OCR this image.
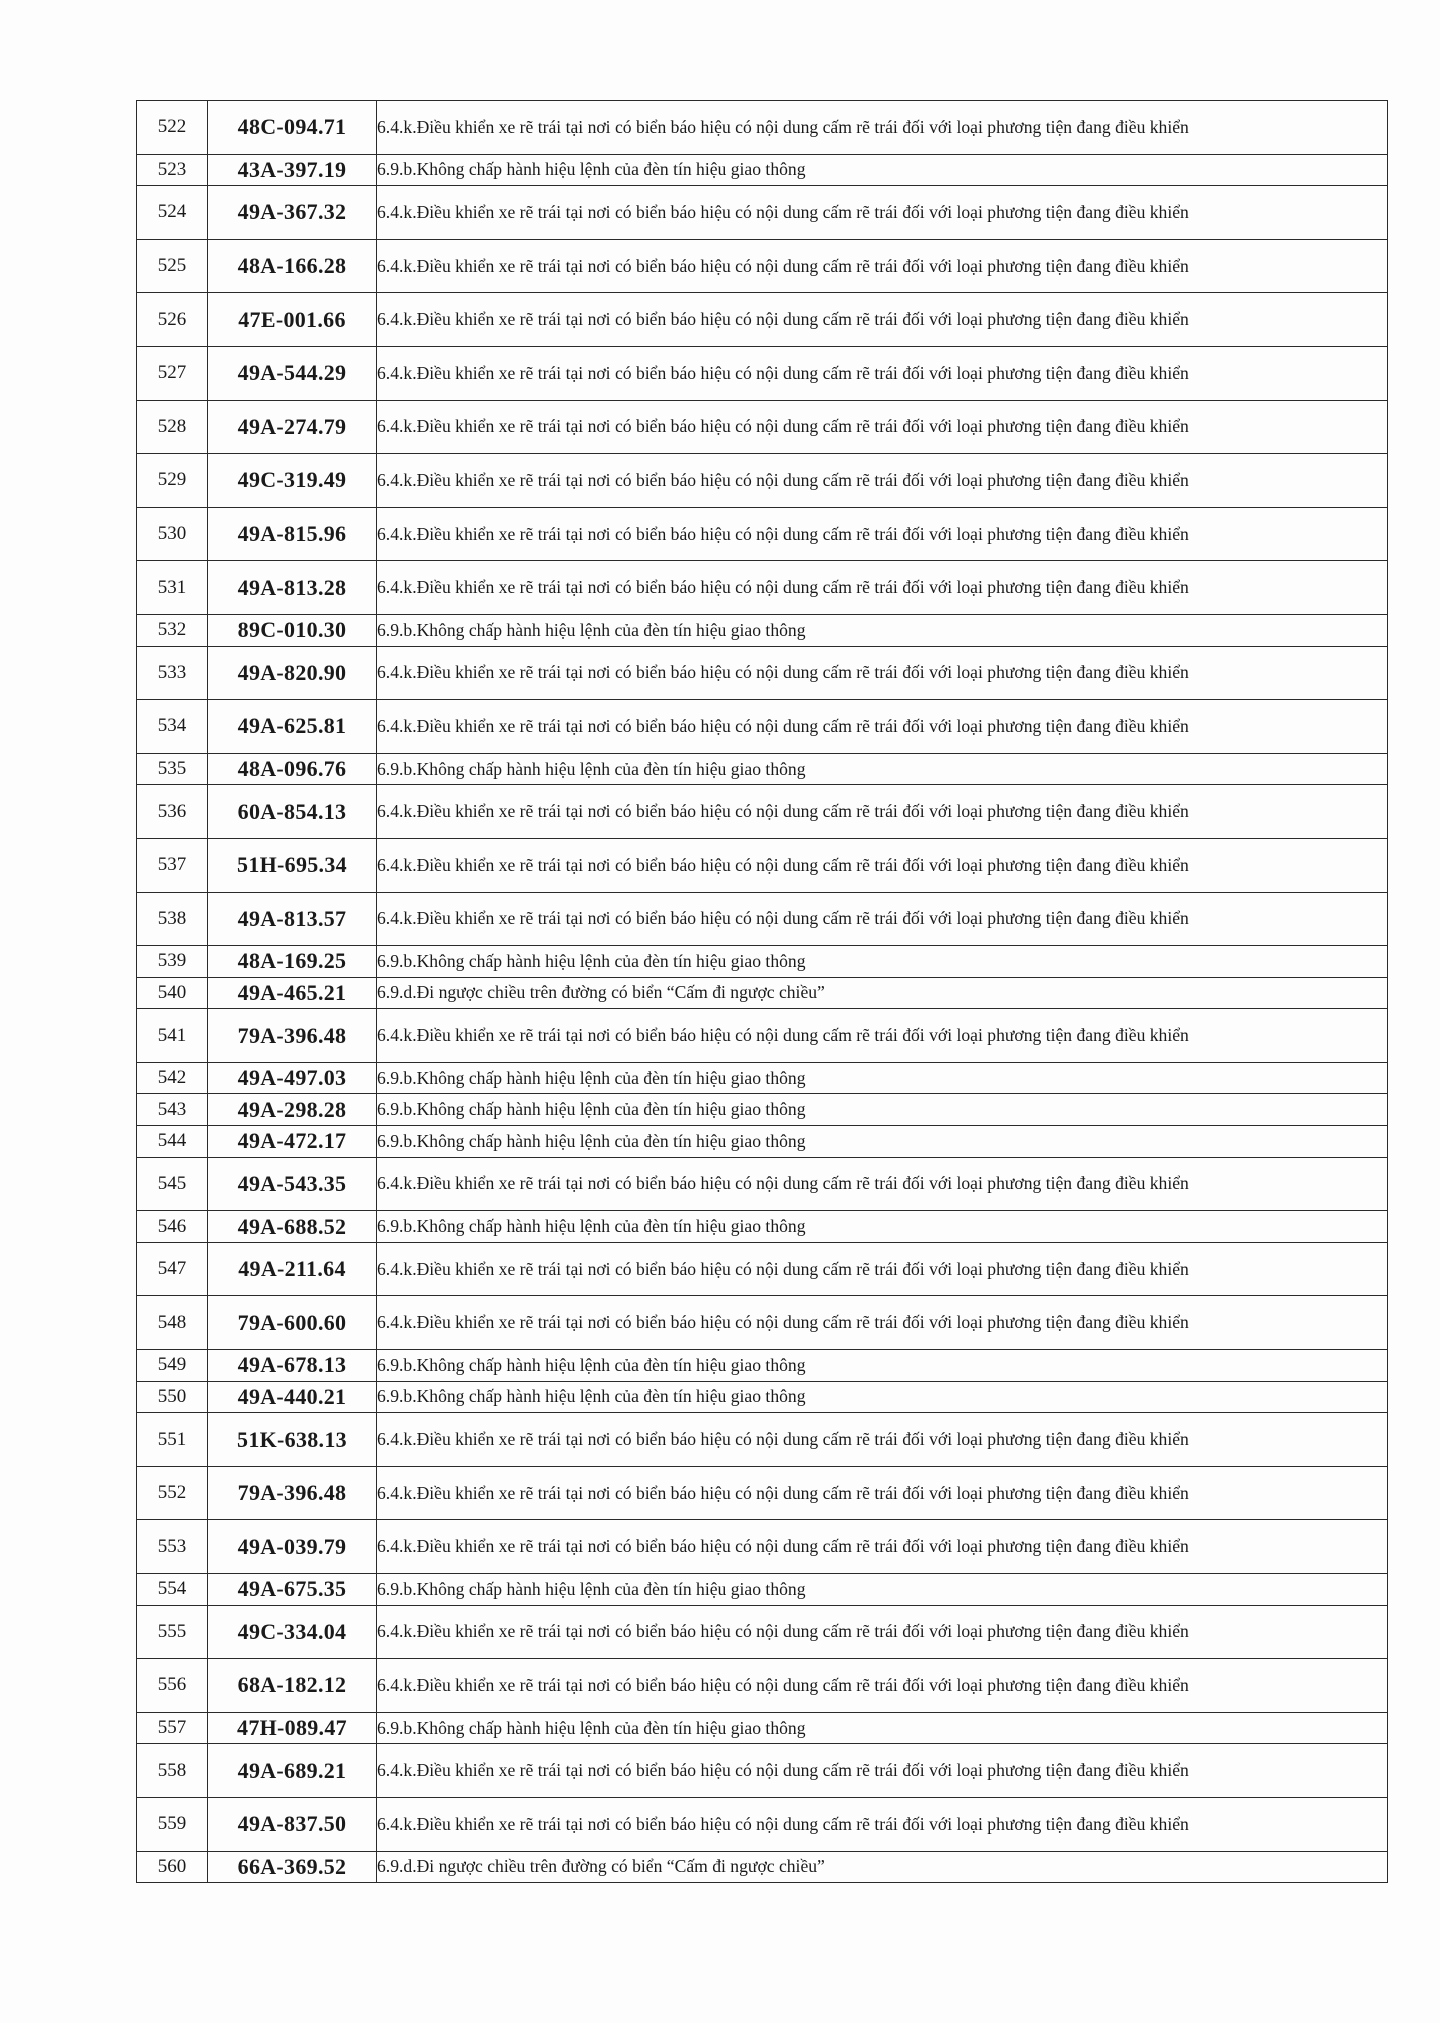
522	48C-094.71	6.4.k.Điều khiển xe rẽ trái tại nơi có biển báo hiệu có nội dung cấm rẽ trái đối với loại phương tiện đang điều khiển
523	43A-397.19	6.9.b.Không chấp hành hiệu lệnh của đèn tín hiệu giao thông
524	49A-367.32	6.4.k.Điều khiển xe rẽ trái tại nơi có biển báo hiệu có nội dung cấm rẽ trái đối với loại phương tiện đang điều khiển
525	48A-166.28	6.4.k.Điều khiển xe rẽ trái tại nơi có biển báo hiệu có nội dung cấm rẽ trái đối với loại phương tiện đang điều khiển
526	47E-001.66	6.4.k.Điều khiển xe rẽ trái tại nơi có biển báo hiệu có nội dung cấm rẽ trái đối với loại phương tiện đang điều khiển
527	49A-544.29	6.4.k.Điều khiển xe rẽ trái tại nơi có biển báo hiệu có nội dung cấm rẽ trái đối với loại phương tiện đang điều khiển
528	49A-274.79	6.4.k.Điều khiển xe rẽ trái tại nơi có biển báo hiệu có nội dung cấm rẽ trái đối với loại phương tiện đang điều khiển
529	49C-319.49	6.4.k.Điều khiển xe rẽ trái tại nơi có biển báo hiệu có nội dung cấm rẽ trái đối với loại phương tiện đang điều khiển
530	49A-815.96	6.4.k.Điều khiển xe rẽ trái tại nơi có biển báo hiệu có nội dung cấm rẽ trái đối với loại phương tiện đang điều khiển
531	49A-813.28	6.4.k.Điều khiển xe rẽ trái tại nơi có biển báo hiệu có nội dung cấm rẽ trái đối với loại phương tiện đang điều khiển
532	89C-010.30	6.9.b.Không chấp hành hiệu lệnh của đèn tín hiệu giao thông
533	49A-820.90	6.4.k.Điều khiển xe rẽ trái tại nơi có biển báo hiệu có nội dung cấm rẽ trái đối với loại phương tiện đang điều khiển
534	49A-625.81	6.4.k.Điều khiển xe rẽ trái tại nơi có biển báo hiệu có nội dung cấm rẽ trái đối với loại phương tiện đang điều khiển
535	48A-096.76	6.9.b.Không chấp hành hiệu lệnh của đèn tín hiệu giao thông
536	60A-854.13	6.4.k.Điều khiển xe rẽ trái tại nơi có biển báo hiệu có nội dung cấm rẽ trái đối với loại phương tiện đang điều khiển
537	51H-695.34	6.4.k.Điều khiển xe rẽ trái tại nơi có biển báo hiệu có nội dung cấm rẽ trái đối với loại phương tiện đang điều khiển
538	49A-813.57	6.4.k.Điều khiển xe rẽ trái tại nơi có biển báo hiệu có nội dung cấm rẽ trái đối với loại phương tiện đang điều khiển
539	48A-169.25	6.9.b.Không chấp hành hiệu lệnh của đèn tín hiệu giao thông
540	49A-465.21	6.9.d.Đi ngược chiều trên đường có biển “Cấm đi ngược chiều”
541	79A-396.48	6.4.k.Điều khiển xe rẽ trái tại nơi có biển báo hiệu có nội dung cấm rẽ trái đối với loại phương tiện đang điều khiển
542	49A-497.03	6.9.b.Không chấp hành hiệu lệnh của đèn tín hiệu giao thông
543	49A-298.28	6.9.b.Không chấp hành hiệu lệnh của đèn tín hiệu giao thông
544	49A-472.17	6.9.b.Không chấp hành hiệu lệnh của đèn tín hiệu giao thông
545	49A-543.35	6.4.k.Điều khiển xe rẽ trái tại nơi có biển báo hiệu có nội dung cấm rẽ trái đối với loại phương tiện đang điều khiển
546	49A-688.52	6.9.b.Không chấp hành hiệu lệnh của đèn tín hiệu giao thông
547	49A-211.64	6.4.k.Điều khiển xe rẽ trái tại nơi có biển báo hiệu có nội dung cấm rẽ trái đối với loại phương tiện đang điều khiển
548	79A-600.60	6.4.k.Điều khiển xe rẽ trái tại nơi có biển báo hiệu có nội dung cấm rẽ trái đối với loại phương tiện đang điều khiển
549	49A-678.13	6.9.b.Không chấp hành hiệu lệnh của đèn tín hiệu giao thông
550	49A-440.21	6.9.b.Không chấp hành hiệu lệnh của đèn tín hiệu giao thông
551	51K-638.13	6.4.k.Điều khiển xe rẽ trái tại nơi có biển báo hiệu có nội dung cấm rẽ trái đối với loại phương tiện đang điều khiển
552	79A-396.48	6.4.k.Điều khiển xe rẽ trái tại nơi có biển báo hiệu có nội dung cấm rẽ trái đối với loại phương tiện đang điều khiển
553	49A-039.79	6.4.k.Điều khiển xe rẽ trái tại nơi có biển báo hiệu có nội dung cấm rẽ trái đối với loại phương tiện đang điều khiển
554	49A-675.35	6.9.b.Không chấp hành hiệu lệnh của đèn tín hiệu giao thông
555	49C-334.04	6.4.k.Điều khiển xe rẽ trái tại nơi có biển báo hiệu có nội dung cấm rẽ trái đối với loại phương tiện đang điều khiển
556	68A-182.12	6.4.k.Điều khiển xe rẽ trái tại nơi có biển báo hiệu có nội dung cấm rẽ trái đối với loại phương tiện đang điều khiển
557	47H-089.47	6.9.b.Không chấp hành hiệu lệnh của đèn tín hiệu giao thông
558	49A-689.21	6.4.k.Điều khiển xe rẽ trái tại nơi có biển báo hiệu có nội dung cấm rẽ trái đối với loại phương tiện đang điều khiển
559	49A-837.50	6.4.k.Điều khiển xe rẽ trái tại nơi có biển báo hiệu có nội dung cấm rẽ trái đối với loại phương tiện đang điều khiển
560	66A-369.52	6.9.d.Đi ngược chiều trên đường có biển “Cấm đi ngược chiều”
